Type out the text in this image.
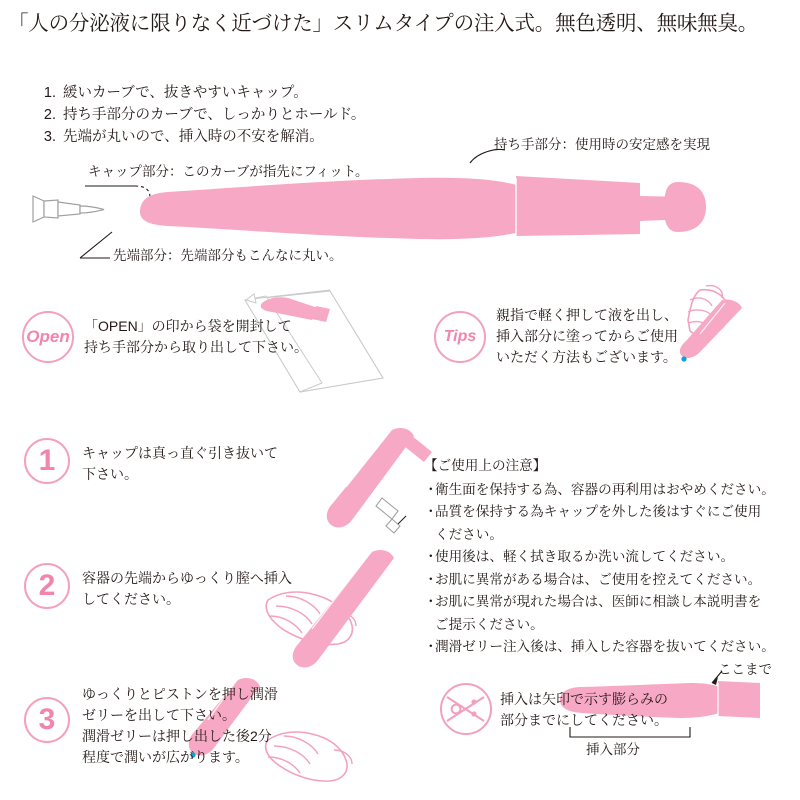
「人の分泌液に限りなく近づけた」スリムタイプの注入式。無色透明、無味無臭。
1. 緩いカーブで、抜きやすいキャップ。
2. 持ち手部分のカーブで、しっかりとホールド。
3. 先端が丸いので、挿入時の不安を解消。	持ち手部分：使用時の安定感を実現
キャップ部分：このカーブが指先にフィット。
先端部分：先端部分もこんなに丸い。
Open
「OPEN」の印から袋を開封して
持ち手部分から取り出して下さい。
Tips
親指で軽く押して液を出し、
挿入部分に塗ってからご使用
いただく方法もございます。
1 キャップは真っ直ぐ引き抜いて
下さい。
2 容器の先端からゆっくり膣へ挿入
してください。
3
ゆっくりとピストンを押し潤滑
ゼリーを出して下さい。
潤滑ゼリーは押し出した後2分
程度で潤いが広がります。
挿入は矢印で示す膨らみの
部分までにしてください。
ここまで
挿入部分
【ご使用上の注意】
・
衛生面を保持する為、容器の再利用はおやめください。
・
品質を保持する為キャップを外した後はすぐにご使用
ください。
・
使用後は、軽く拭き取るか洗い流してください。
・
お肌に異常がある場合は、ご使用を控えてください。
・
お肌に異常が現れた場合は、医師に相談し本説明書を
ご提示ください。
・
潤滑ゼリー注入後は、挿入した容器を抜いてください。
